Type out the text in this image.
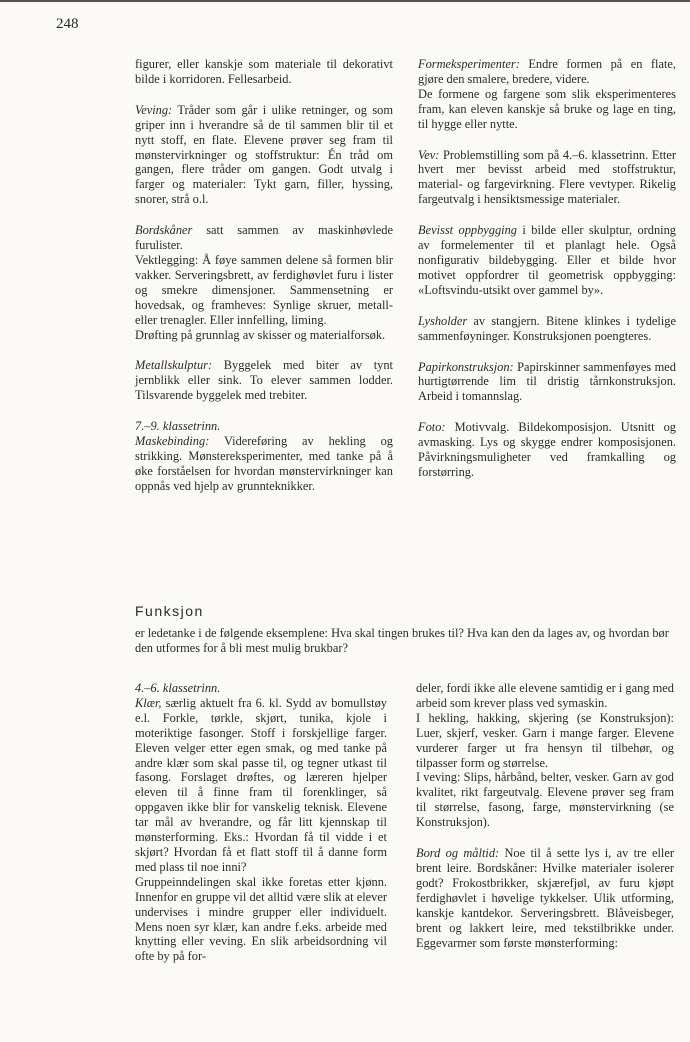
248

figurer, eller kanskje som materiale til dekorativt bilde i korridoren. Fellesarbeid.

Veving: Tråder som går i ulike retninger, og som griper inn i hverandre så de til sammen blir til et nytt stoff, en flate. Elevene prøver seg fram til mønstervirkninger og stoffstruktur: Én tråd om gangen, flere tråder om gangen. Godt utvalg i farger og materialer: Tykt garn, filler, hyssing, snorer, strå o.l.

Bordskåner satt sammen av maskinhøvlede furulister.

Vektlegging: Å føye sammen delene så formen blir vakker. Serveringsbrett, av ferdighøvlet furu i lister og smekre dimensjoner. Sammensetning er hovedsak, og framheves: Synlige skruer, metall- eller trenagler. Eller innfelling, liming.

Drøfting på grunnlag av skisser og materialforsøk.

Metallskulptur: Byggelek med biter av tynt jernblikk eller sink. To elever sammen lodder. Tilsvarende byggelek med trebiter.

7.–9. klassetrinn.
Maskebinding: Videreføring av hekling og strikking. Mønstereksperimenter, med tanke på å øke forståelsen for hvordan mønstervirkninger kan oppnås ved hjelp av grunnteknikker.

Formeksperimenter: Endre formen på en flate, gjøre den smalere, bredere, videre.

De formene og fargene som slik eksperimenteres fram, kan eleven kanskje så bruke og lage en ting, til hygge eller nytte.

Vev: Problemstilling som på 4.–6. klassetrinn. Etter hvert mer bevisst arbeid med stoffstruktur, material- og fargevirkning. Flere vevtyper. Rikelig fargeutvalg i hensiktsmessige materialer.

Bevisst oppbygging i bilde eller skulptur, ordning av formelementer til et planlagt hele. Også nonfigurativ bildebygging. Eller et bilde hvor motivet oppfordrer til geometrisk oppbygging: «Loftsvindu-utsikt over gammel by».

Lysholder av stangjern. Bitene klinkes i tydelige sammenføyninger. Konstruksjonen poengteres.

Papirkonstruksjon: Papirskinner sammenføyes med hurtigtørrende lim til dristig tårnkonstruksjon. Arbeid i tomannslag.

Foto: Motivvalg. Bildekomposisjon. Utsnitt og avmasking. Lys og skygge endrer komposisjonen. Påvirkningsmuligheter ved framkalling og forstørring.

Funksjon
er ledetanke i de følgende eksemplene: Hva skal tingen brukes til? Hva kan den da lages av, og hvordan bør den utformes for å bli mest mulig brukbar?

4.–6. klassetrinn.
Klær, særlig aktuelt fra 6. kl. Sydd av bomullstøy e.l. Forkle, tørkle, skjørt, tunika, kjole i moteriktige fasonger. Stoff i forskjellige farger. Eleven velger etter egen smak, og med tanke på andre klær som skal passe til, og tegner utkast til fasong. Forslaget drøftes, og læreren hjelper eleven til å finne fram til forenklinger, så oppgaven ikke blir for vanskelig teknisk. Elevene tar mål av hverandre, og får litt kjennskap til mønsterforming. Eks.: Hvordan få til vidde i et skjørt? Hvordan få et flatt stoff til å danne form med plass til noe inni?

Gruppeinndelingen skal ikke foretas etter kjønn. Innenfor en gruppe vil det alltid være slik at elever undervises i mindre grupper eller individuelt. Mens noen syr klær, kan andre f.eks. arbeide med knytting eller veving. En slik arbeidsordning vil ofte by på for-

deler, fordi ikke alle elevene samtidig er i gang med arbeid som krever plass ved symaskin.

I hekling, hakking, skjering (se Konstruksjon): Luer, skjerf, vesker. Garn i mange farger. Elevene vurderer farger ut fra hensyn til tilbehør, og tilpasser form og størrelse.

I veving: Slips, hårbånd, belter, vesker. Garn av god kvalitet, rikt fargeutvalg. Elevene prøver seg fram til størrelse, fasong, farge, mønstervirkning (se Konstruksjon).

Bord og måltid: Noe til å sette lys i, av tre eller brent leire. Bordskåner: Hvilke materialer isolerer godt? Frokostbrikker, skjærefjøl, av furu kjøpt ferdighøvlet i høvelige tykkelser. Ulik utforming, kanskje kantdekor. Serveringsbrett. Blåveisbeger, brent og lakkert leire, med tekstilbrikke under. Eggevarmer som første mønsterforming:
